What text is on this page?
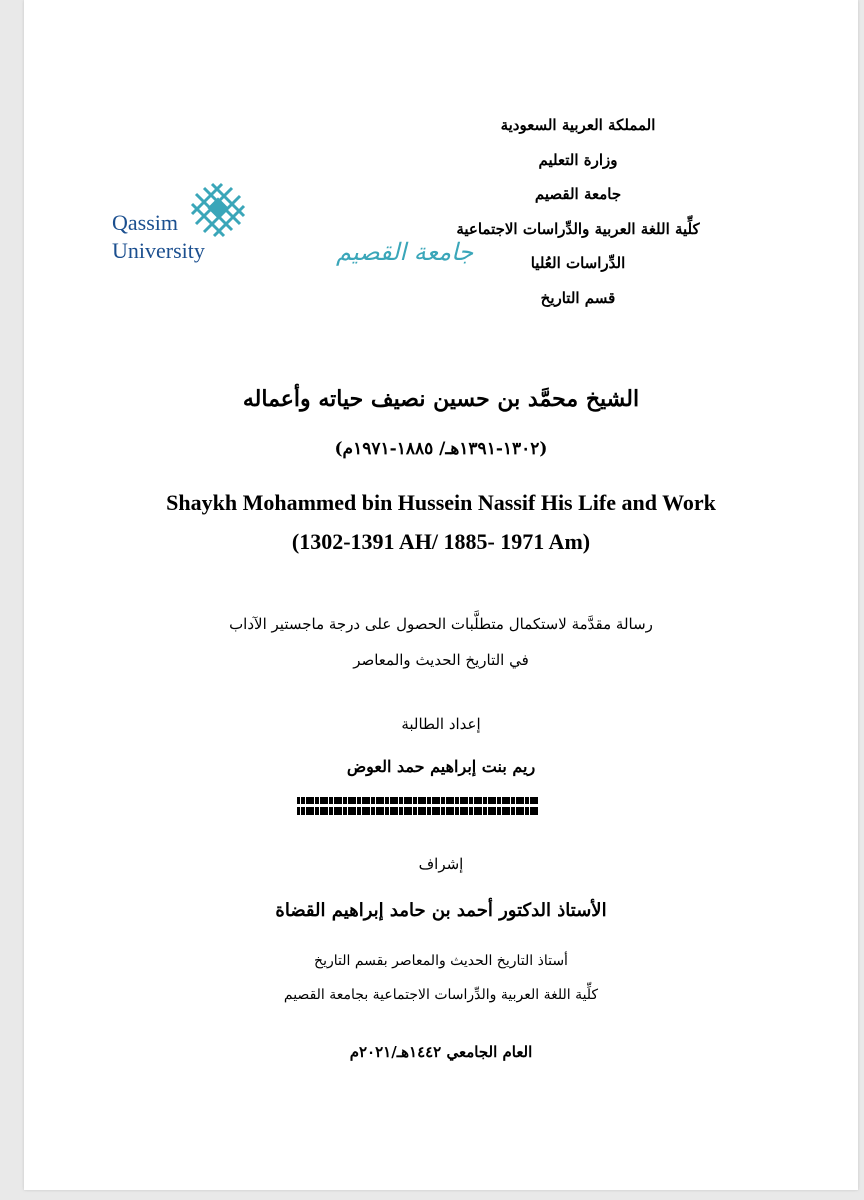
المملكة العربية السعودية
وزارة التعليم
جامعة القصيم
كلِّية اللغة العربية والدِّراسات الاجتماعية
الدِّراسات العُليا
قسم التاريخ
Qassim
University	جامعة القصيم
الشيخ محمَّد بن حسين نصيف حياته وأعماله
(١٣٠٢-١٣٩١هـ/ ١٨٨٥-١٩٧١م)
Shaykh Mohammed bin Hussein Nassif His Life and Work
(1302-1391 AH/ 1885- 1971 Am)
رسالة مقدَّمة لاستكمال متطلَّبات الحصول على درجة ماجستير الآداب
في التاريخ الحديث والمعاصر
إعداد الطالبة
ريم بنت إبراهيم حمد العوض
إشراف
الأستاذ الدكتور أحمد بن حامد إبراهيم القضاة
أستاذ التاريخ الحديث والمعاصر بقسم التاريخ
كلِّية اللغة العربية والدِّراسات الاجتماعية بجامعة القصيم
العام الجامعي ١٤٤٢هـ/٢٠٢١م
